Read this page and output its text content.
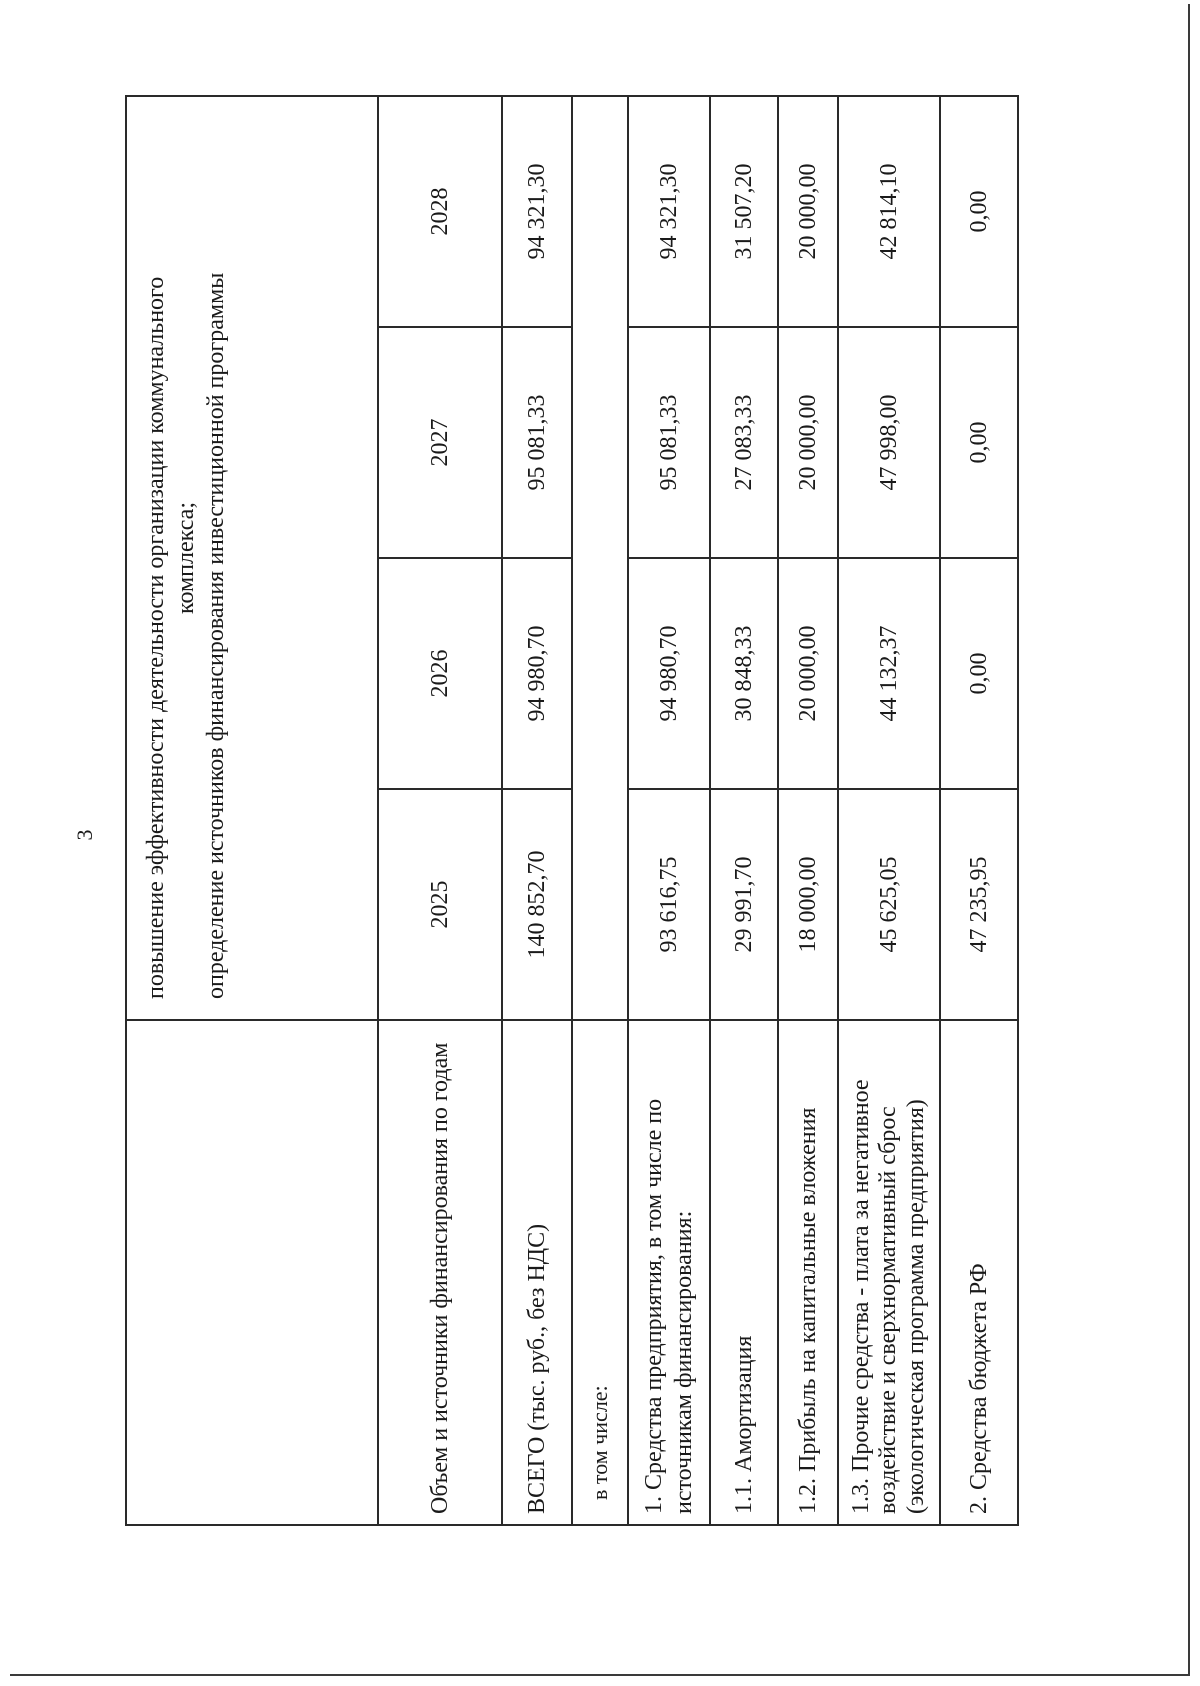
3

	повышение эффективности деятельности организации коммунального комплекса; определение источников финансирования инвестиционной программы			

Объем и источники финансирования по годам	2025	2026	2027	2028
ВСЕГО (тыс. руб., без НДС)	140 852,70	94 980,70	95 081,33	94 321,30
в том числе:				
1. Средства предприятия, в том числе по источникам финансирования:	93 616,75	94 980,70	95 081,33	94 321,30
1.1. Амортизация	29 991,70	30 848,33	27 083,33	31 507,20
1.2. Прибыль на капитальные вложения	18 000,00	20 000,00	20 000,00	20 000,00
1.3. Прочие средства - плата за негативное воздействие и сверхнормативный сброс (экологическая программа предприятия)	45 625,05	44 132,37	47 998,00	42 814,10
2. Средства бюджета РФ	47 235,95	0,00	0,00	0,00
